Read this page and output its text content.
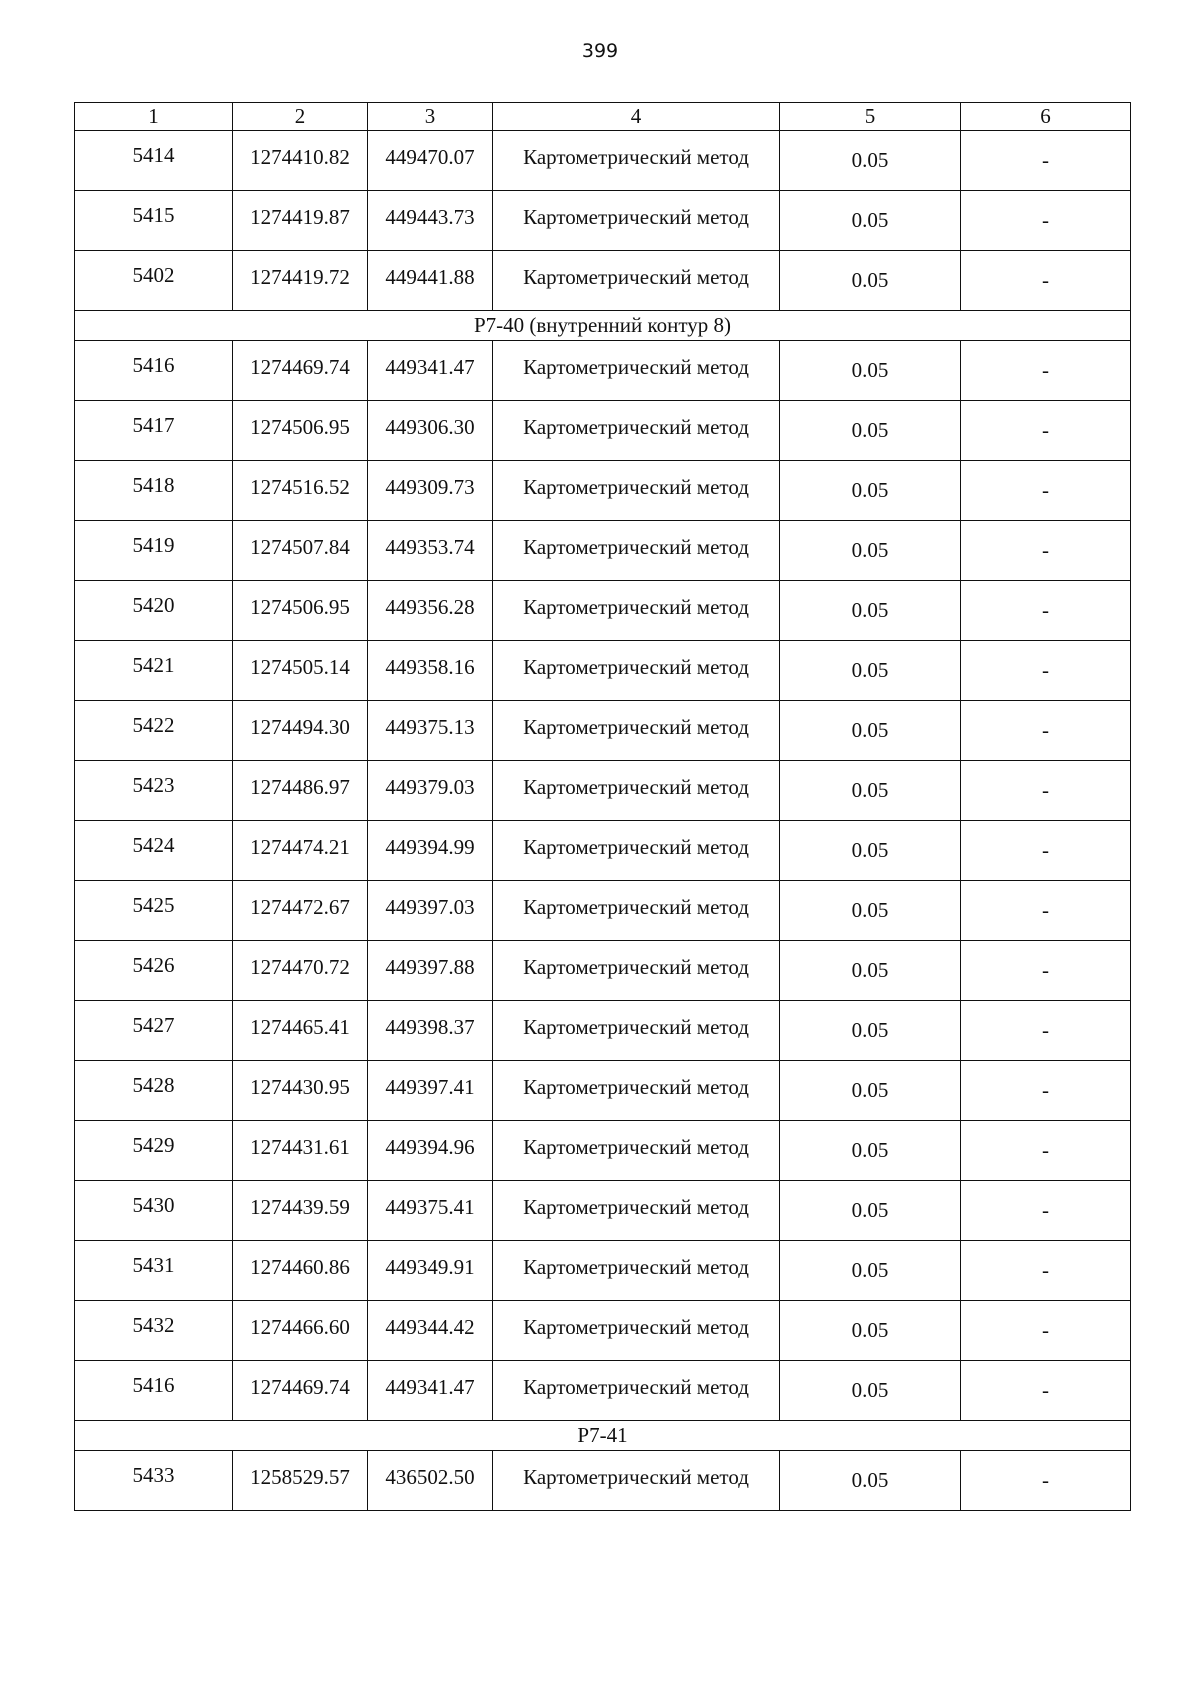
399
1	2	3	4	5	6
5414	1274410.82	449470.07	Картометрический метод	0.05	-
5415	1274419.87	449443.73	Картометрический метод	0.05	-
5402	1274419.72	449441.88	Картометрический метод	0.05	-
Р7-40 (внутренний контур 8)					
5416	1274469.74	449341.47	Картометрический метод	0.05	-
5417	1274506.95	449306.30	Картометрический метод	0.05	-
5418	1274516.52	449309.73	Картометрический метод	0.05	-
5419	1274507.84	449353.74	Картометрический метод	0.05	-
5420	1274506.95	449356.28	Картометрический метод	0.05	-
5421	1274505.14	449358.16	Картометрический метод	0.05	-
5422	1274494.30	449375.13	Картометрический метод	0.05	-
5423	1274486.97	449379.03	Картометрический метод	0.05	-
5424	1274474.21	449394.99	Картометрический метод	0.05	-
5425	1274472.67	449397.03	Картометрический метод	0.05	-
5426	1274470.72	449397.88	Картометрический метод	0.05	-
5427	1274465.41	449398.37	Картометрический метод	0.05	-
5428	1274430.95	449397.41	Картометрический метод	0.05	-
5429	1274431.61	449394.96	Картометрический метод	0.05	-
5430	1274439.59	449375.41	Картометрический метод	0.05	-
5431	1274460.86	449349.91	Картометрический метод	0.05	-
5432	1274466.60	449344.42	Картометрический метод	0.05	-
5416	1274469.74	449341.47	Картометрический метод	0.05	-
Р7-41					
5433	1258529.57	436502.50	Картометрический метод	0.05	-
